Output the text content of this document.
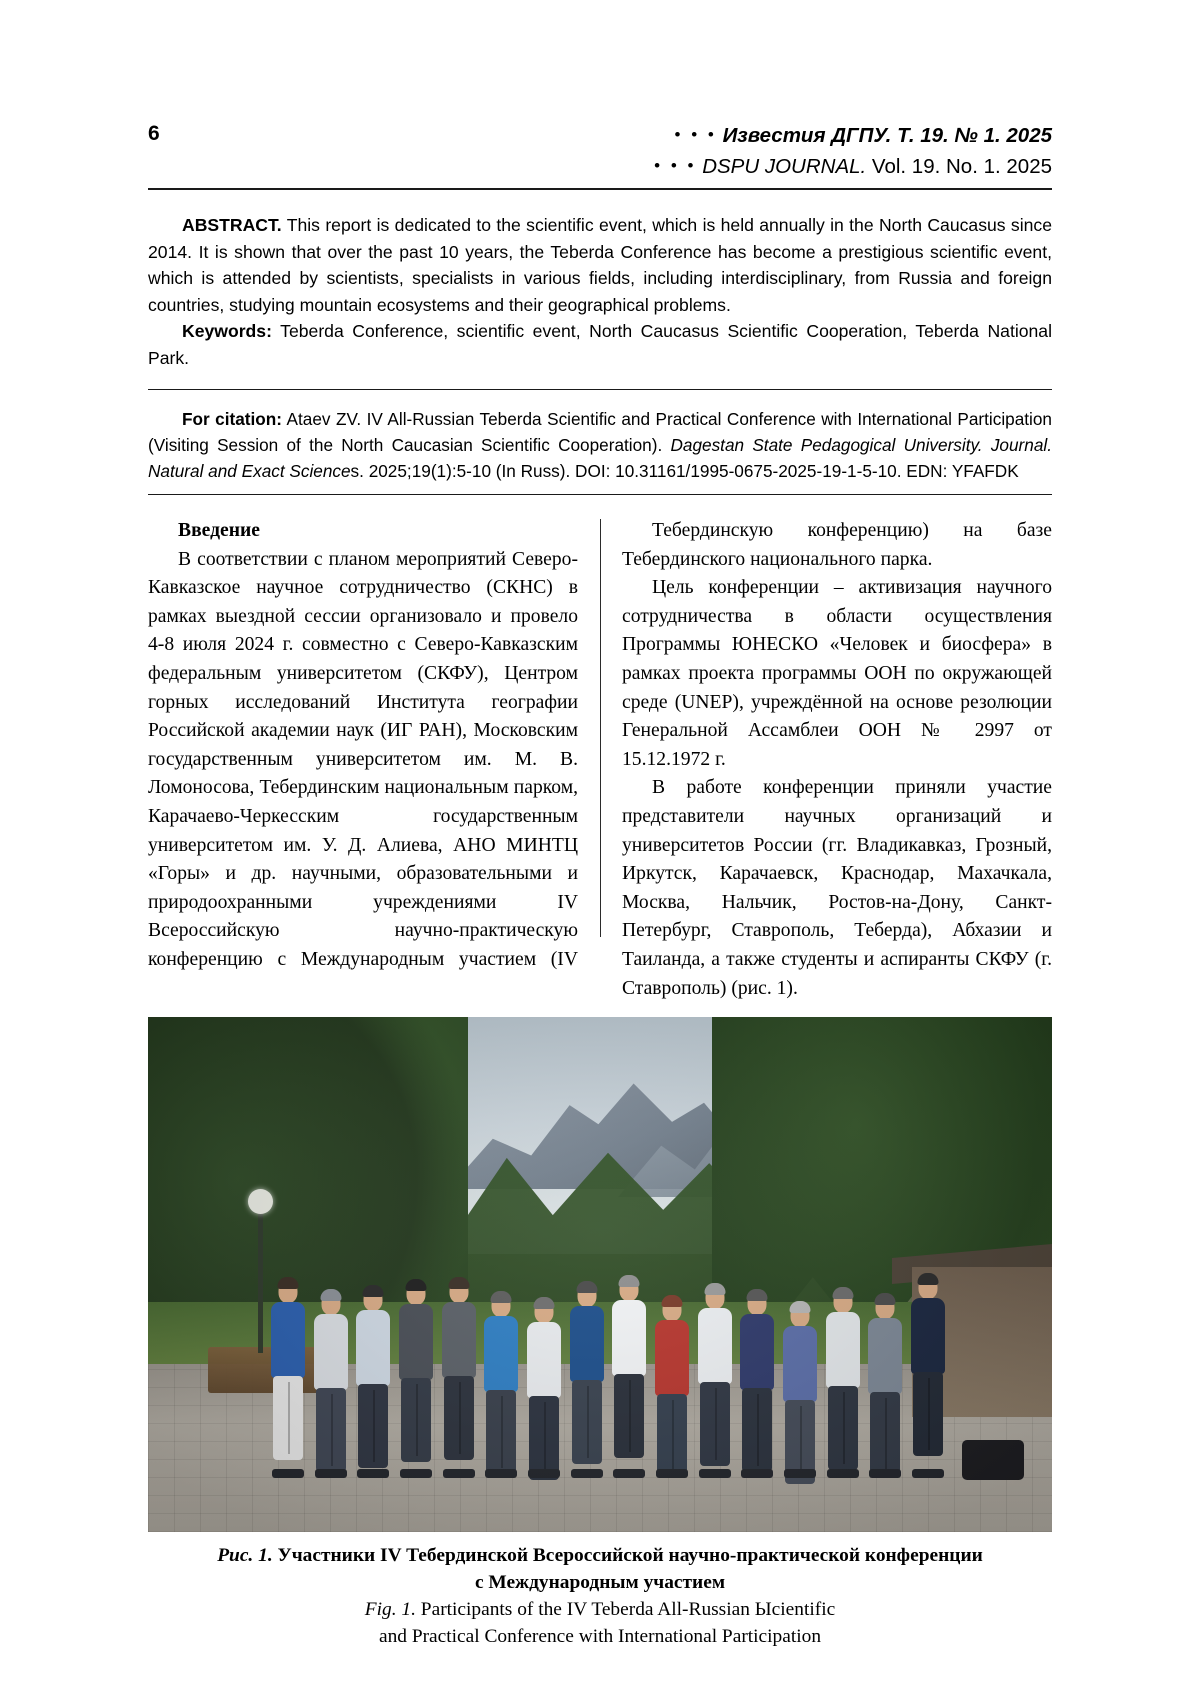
6	• • • Известия ДГПУ. Т. 19. № 1. 2025
• • • DSPU JOURNAL. Vol. 19. No. 1. 2025

ABSTRACT. This report is dedicated to the scientific event, which is held annually in the North Caucasus since 2014. It is shown that over the past 10 years, the Teberda Conference has become a prestigious scientific event, which is attended by scientists, specialists in various fields, including interdisciplinary, from Russia and foreign countries, studying mountain ecosystems and their geographical problems.

Keywords: Teberda Conference, scientific event, North Caucasus Scientific Cooperation, Teberda National Park.

For citation: Ataev ZV. IV All-Russian Teberda Scientific and Practical Conference with International Participation (Visiting Session of the North Caucasian Scientific Cooperation). Dagestan State Pedagogical University. Journal. Natural and Exact Sciences. 2025;19(1):5-10 (In Russ). DOI: 10.31161/1995-0675-2025-19-1-5-10. EDN: YFAFDK

Введение

В соответствии с планом мероприятий Северо-Кавказское научное сотрудничество (СКНС) в рамках выездной сессии организовало и провело 4-8 июля 2024 г. совместно с Северо-Кавказским федеральным университетом (СКФУ), Центром горных исследований Института географии Российской академии наук (ИГ РАН), Московским государственным университетом им. М. В. Ломоносова, Тебердинским национальным парком, Карачаево-Черкесским государственным университетом им. У. Д. Алиева, АНО МИНТЦ «Горы» и др. научными, образовательными и природоохранными учреждениями IV Всероссийскую научно-практическую конференцию с Международным участием (IV

Тебердинскую конференцию) на базе Тебердинского национального парка.

Цель конференции – активизация научного сотрудничества в области осуществления Программы ЮНЕСКО «Человек и биосфера» в рамках проекта программы ООН по окружающей среде (UNEP), учреждённой на основе резолюции Генеральной Ассамблеи ООН № 2997 от 15.12.1972 г.

В работе конференции приняли участие представители научных организаций и университетов России (гг. Владикавказ, Грозный, Иркутск, Карачаевск, Краснодар, Махачкала, Москва, Нальчик, Ростов-на-Дону, Санкт-Петербург, Ставрополь, Теберда), Абхазии и Таиланда, а также студенты и аспиранты СКФУ (г. Ставрополь) (рис. 1).

Рис. 1. Участники IV Тебердинской Всероссийской научно-практической конференции
с Международным участием
Fig. 1. Participants of the IV Teberda All-Russian Ыcientific
and Practical Conference with International Participation
